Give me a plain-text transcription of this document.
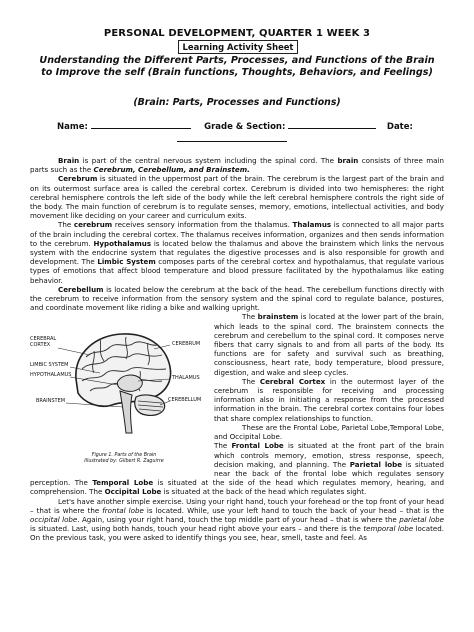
PERSONAL DEVELOPMENT, QUARTER 1 WEEK 3
Learning Activity Sheet
Understanding the Different Parts, Processes, and Functions of the Brain
to Improve the self (Brain functions, Thoughts, Behaviors, and Feelings)
(Brain: Parts, Processes and Functions)
Name:	Grade & Section:	Date:

Brain is part of the central nervous system including the spinal cord. The brain consists of three main parts such as the Cerebrum, Cerebellum, and Brainstem.

Cerebrum is situated in the uppermost part of the brain. The cerebrum is the largest part of the brain and on its outermost surface area is called the cerebral cortex. Cerebrum is divided into two hemispheres: the right cerebral hemisphere controls the left side of the body while the left cerebral hemisphere controls the right side of the body. The main function of cerebrum is to regulate senses, memory, emotions, intellectual activities, and body movement like deciding on your career and curriculum exits.

The cerebrum receives sensory information from the thalamus. Thalamus is connected to all major parts of the brain including the cerebral cortex. The thalamus receives information, organizes and then sends information to the cerebrum. Hypothalamus is located below the thalamus and above the brainstem which links the nervous system with the endocrine system that regulates the digestive processes and is also responsible for growth and development. The Limbic System composes parts of the cerebral cortex and hypothalamus, that regulate various types of emotions that affect blood temperature and blood pressure facilitated by the hypothalamus like eating behavior.

Cerebellum is located below the cerebrum at the back of the head. The cerebellum functions directly with the cerebrum to receive information from the sensory system and the spinal cord to regulate balance, postures, and coordinate movement like riding a bike and walking upright.

CEREBRAL
CORTEX
LIMBIC SYSTEM
HYPOTHALAMUS
BRAINSTEM
CEREBRUM
THALAMUS
CEREBELLUM
Figure 1. Parts of the Brain
Illustrated by: Gilbert R. Zaguirre

The brainstem is located at the lower part of the brain, which leads to the spinal cord. The brainstem connects the cerebrum and cerebellum to the spinal cord. It composes nerve fibers that carry signals to and from all parts of the body. Its functions are for safety and survival such as breathing, consciousness, heart rate, body temperature, blood pressure, digestion, and wake and sleep cycles.

The Cerebral Cortex in the outermost layer of the cerebrum is responsible for receiving and processing information also in initiating a response from the processed information in the brain. The cerebral cortex contains four lobes that share complex relationships to function.

These are the Frontal Lobe, Parietal Lobe,Temporal Lobe, and Occipital Lobe.

The Frontal Lobe is situated at the front part of the brain which controls memory, emotion, stress response, speech, decision making, and planning. The Parietal lobe is situated near the back of the frontal lobe which regulates sensory perception. The Temporal Lobe is situated at the side of the head which regulates memory, hearing, and comprehension. The Occipital Lobe is situated at the back of the head which regulates sight.

Let's have another simple exercise. Using your right hand, touch your forehead or the top front of your head – that is where the frontal lobe is located. While, use your left hand to touch the back of your head – that is the occipital lobe. Again, using your right hand, touch the top middle part of your head – that is where the parietal lobe is situated. Last, using both hands, touch your head right above your ears – and there is the temporal lobe located. On the previous task, you were asked to identify things you see, hear, smell, taste and feel. As
